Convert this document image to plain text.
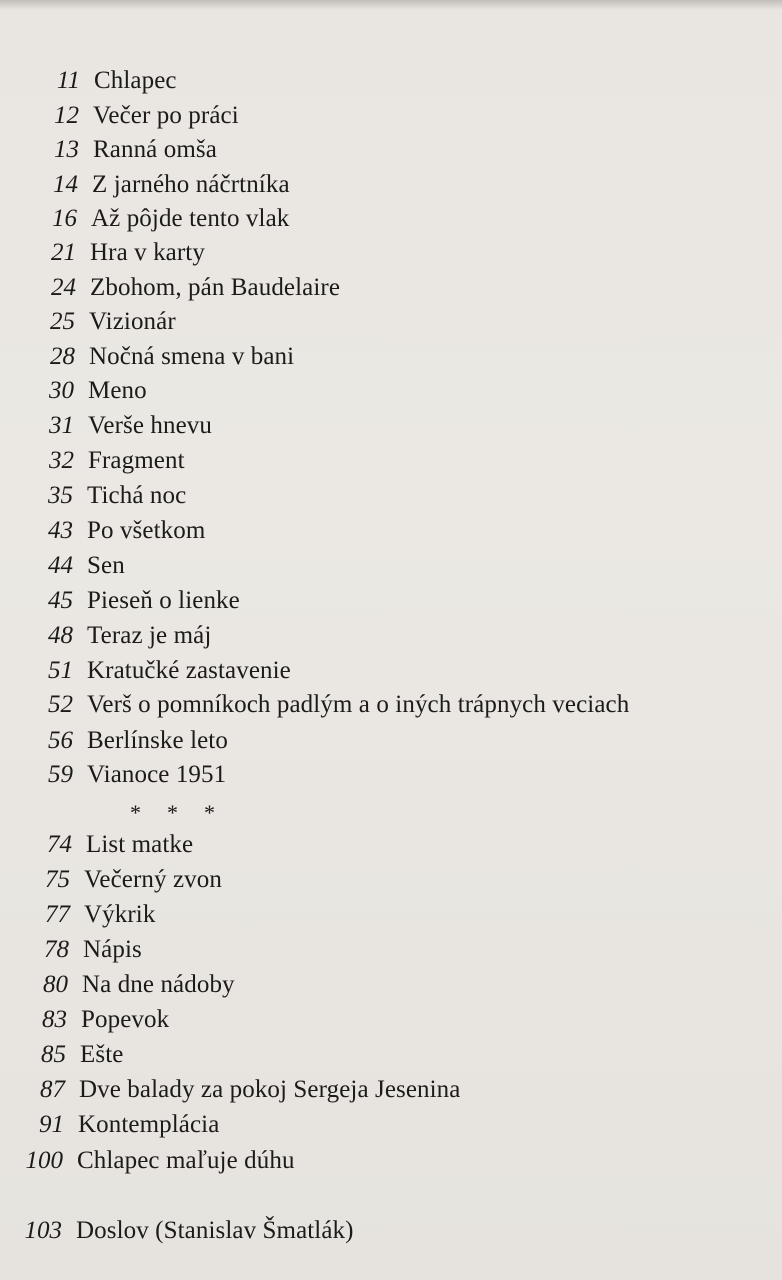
11 Chlapec
12 Večer po práci
13 Ranná omša
14 Z jarného náčrtníka
16 Až pôjde tento vlak
21 Hra v karty
24 Zbohom, pán Baudelaire
25 Vizionár
28 Nočná smena v bani
30 Meno
31 Verše hnevu
32 Fragment
35 Tichá noc
43 Po všetkom
44 Sen
45 Pieseň o lienke
48 Teraz je máj
51 Kratučké zastavenie
52 Verš o pomníkoch padlým a o iných trápnych veciach
56 Berlínske leto
59 Vianoce 1951
***
74 List matke
75 Večerný zvon
77 Výkrik
78 Nápis
80 Na dne nádoby
83 Popevok
85 Ešte
87 Dve balady za pokoj Sergeja Jesenina
91 Kontemplácia
100 Chlapec maľuje dúhu
103 Doslov (Stanislav Šmatlák)
